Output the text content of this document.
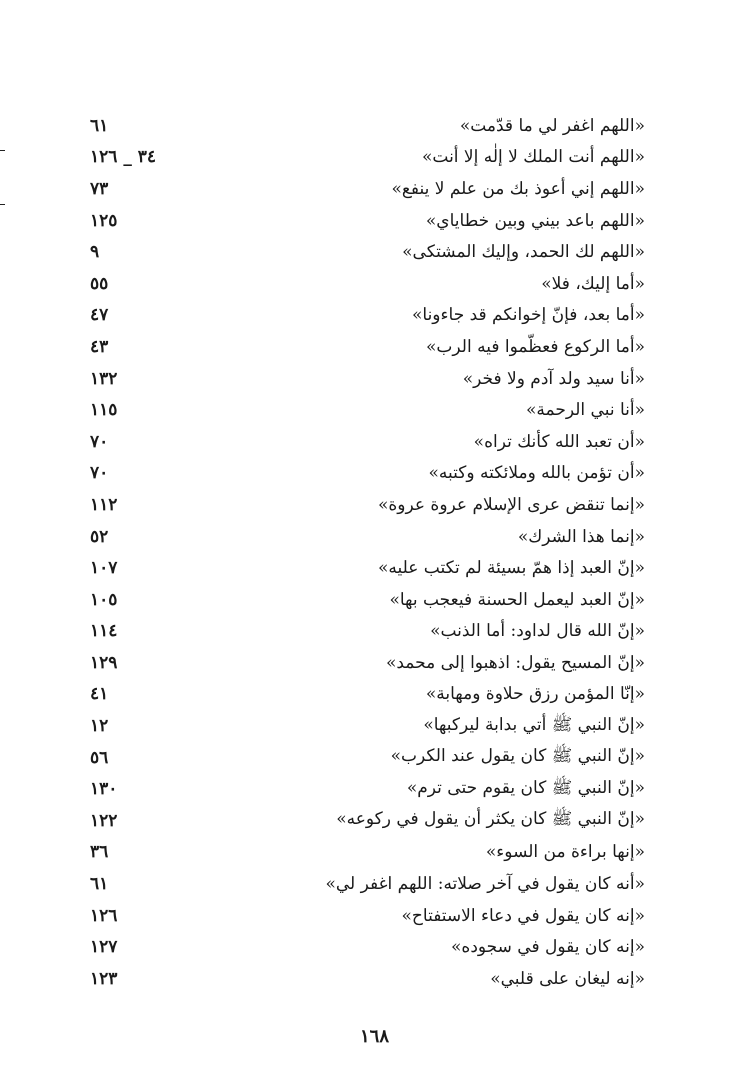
«اللهم اغفر لي ما قدّمت»
٦١
«اللهم أنت الملك لا إلٰه إلا أنت»
٣٤ _ ١٢٦
«اللهم إني أعوذ بك من علم لا ينفع»
٧٣
«اللهم باعد بيني وبين خطاياي»
١٢٥
«اللهم لك الحمد، وإليك المشتكى»
٩
«أما إليك، فلا»
٥٥
«أما بعد، فإنّ إخوانكم قد جاءونا»
٤٧
«أما الركوع فعظّموا فيه الرب»
٤٣
«أنا سيد ولد آدم ولا فخر»
١٣٢
«أنا نبي الرحمة»
١١٥
«أن تعبد الله كأنك تراه»
٧٠
«أن تؤمن بالله وملائكته وكتبه»
٧٠
«إنما تنقض عرى الإسلام عروة عروة»
١١٢
«إنما هذا الشرك»
٥٢
«إنّ العبد إذا همّ بسيئة لم تكتب عليه»
١٠٧
«إنّ العبد ليعمل الحسنة فيعجب بها»
١٠٥
«إنّ الله قال لداود: أما الذنب»
١١٤
«إنّ المسيح يقول: اذهبوا إلى محمد»
١٢٩
«إنّا المؤمن رزق حلاوة ومهابة»
٤١
«إنّ النبي ﷺ أتي بدابة ليركبها»
١٢
«إنّ النبي ﷺ كان يقول عند الكرب»
٥٦
«إنّ النبي ﷺ كان يقوم حتى ترم»
١٣٠
«إنّ النبي ﷺ كان يكثر أن يقول في ركوعه»
١٢٢
«إنها براءة من السوء»
٣٦
«أنه كان يقول في آخر صلاته: اللهم اغفر لي»
٦١
«إنه كان يقول في دعاء الاستفتاح»
١٢٦
«إنه كان يقول في سجوده»
١٢٧
«إنه ليغان على قلبي»
١٢٣
١٦٨
